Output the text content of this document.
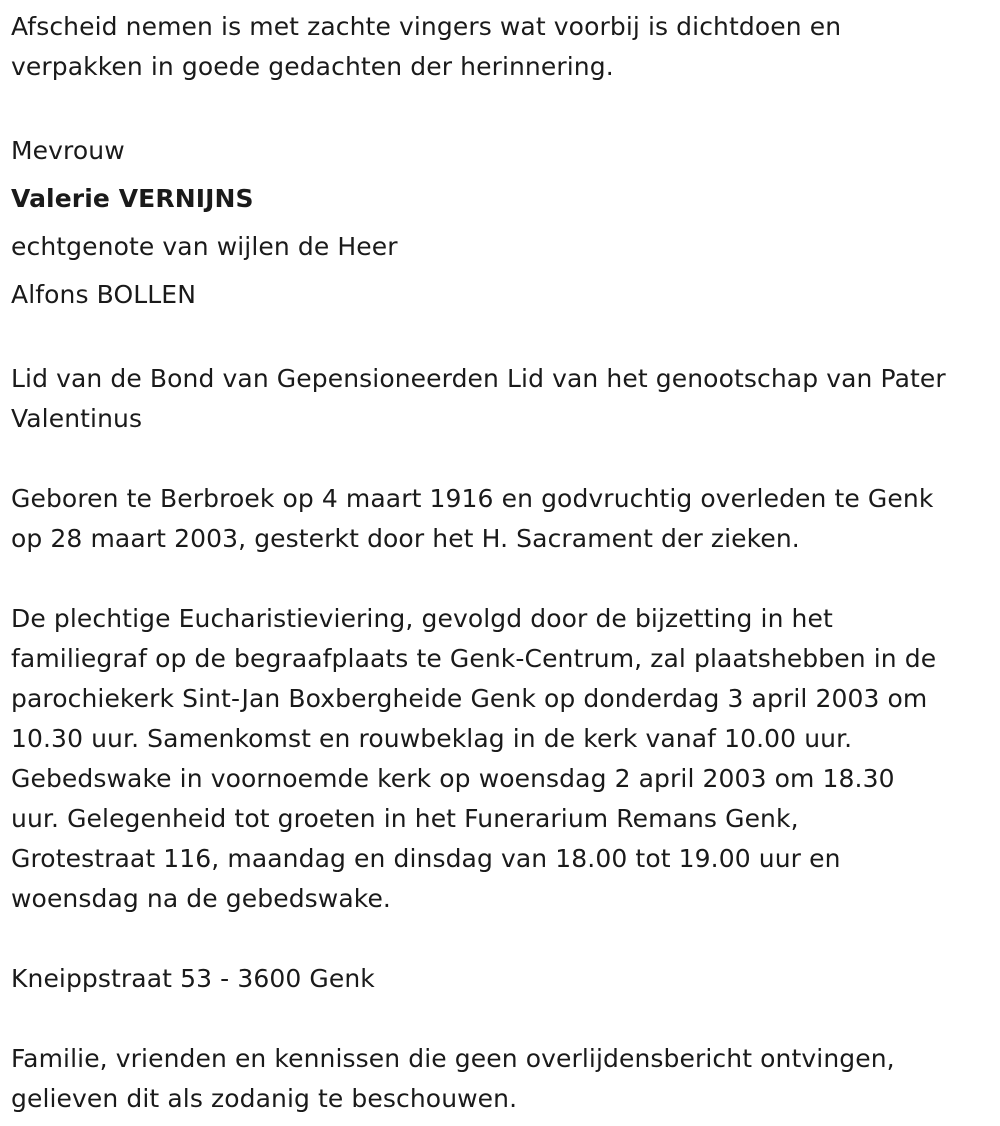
Afscheid nemen is met zachte vingers wat voorbij is dichtdoen en
verpakken in goede gedachten der herinnering.
Mevrouw
Valerie VERNIJNS
echtgenote van wijlen de Heer
Alfons BOLLEN
Lid van de Bond van Gepensioneerden Lid van het genootschap van Pater
Valentinus
Geboren te Berbroek op 4 maart 1916 en godvruchtig overleden te Genk
op 28 maart 2003, gesterkt door het H. Sacrament der zieken.
De plechtige Eucharistieviering, gevolgd door de bijzetting in het
familiegraf op de begraafplaats te Genk-Centrum, zal plaatshebben in de
parochiekerk Sint-Jan Boxbergheide Genk op donderdag 3 april 2003 om
10.30 uur. Samenkomst en rouwbeklag in de kerk vanaf 10.00 uur.
Gebedswake in voornoemde kerk op woensdag 2 april 2003 om 18.30
uur. Gelegenheid tot groeten in het Funerarium Remans Genk,
Grotestraat 116, maandag en dinsdag van 18.00 tot 19.00 uur en
woensdag na de gebedswake.
Kneippstraat 53 - 3600 Genk
Familie, vrienden en kennissen die geen overlijdensbericht ontvingen,
gelieven dit als zodanig te beschouwen.
